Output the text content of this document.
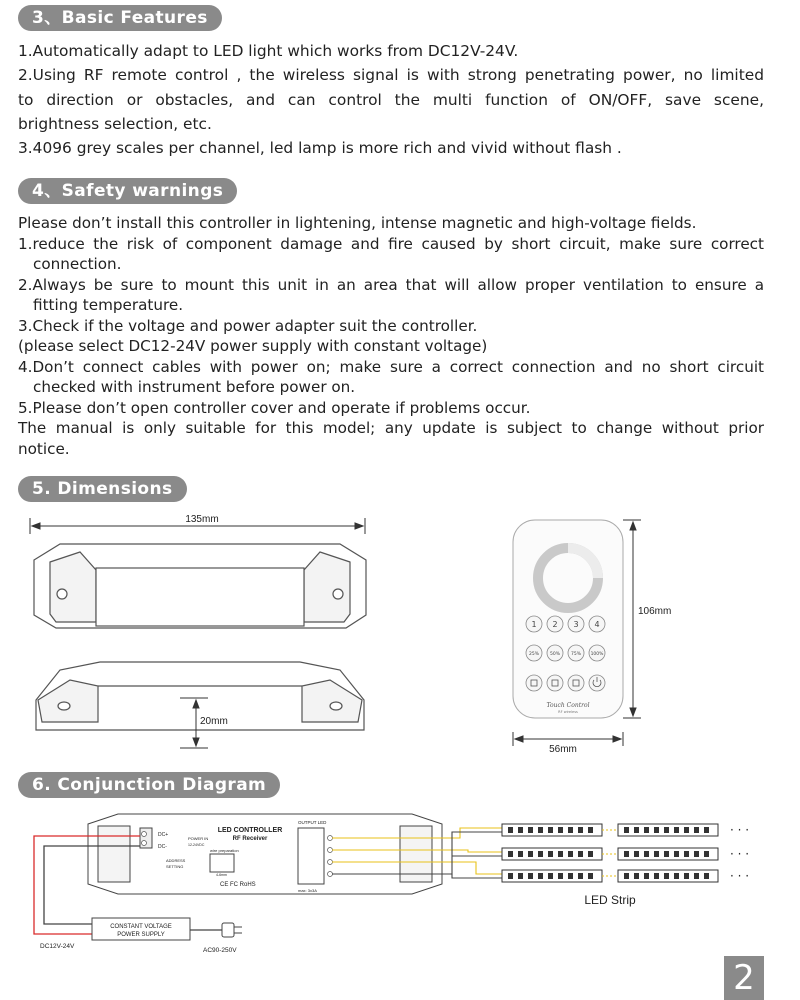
3、Basic Features
1.Automatically adapt to LED light which works from DC12V-24V.
2.Using RF remote control , the wireless signal is with strong penetrating power, no limited
to direction or obstacles, and can control the multi function of ON/OFF, save scene,
brightness selection, etc.
3.4096 grey scales per channel, led lamp is more rich and vivid without flash .
4、Safety warnings
Please don’t install this controller in lightening, intense magnetic and high-voltage fields.
1.reduce the risk of component damage and fire caused by short circuit, make sure correct
connection.
2.Always be sure to mount this unit in an area that will allow proper ventilation to ensure a
fitting temperature.
3.Check if the voltage and power adapter suit the controller.
(please select DC12-24V power supply with constant voltage)
4.Don’t connect cables with power on; make sure a correct connection and no short circuit
checked with instrument before power on.
5.Please don’t open controller cover and operate if problems occur.
The manual is only suitable for this model; any update is subject to change without prior
notice.
5. Dimensions
135mm
20mm
1 2 3 4
25% 50% 75% 100%
Touch Control
RF wireless
106mm
56mm
6. Conjunction Diagram
LED CONTROLLER
RF Receiver
DC+
DC-
POWER IN
12-24VDC
ADDRESS
SETTING
wire preparation
4-6mm
CE FC RoHS
OUTPUT LED
max: 3x3A
CONSTANT VOLTAGE
POWER SUPPLY
DC12V-24V
AC90-250V
· · ·
· · ·
· · ·
LED Strip
2
